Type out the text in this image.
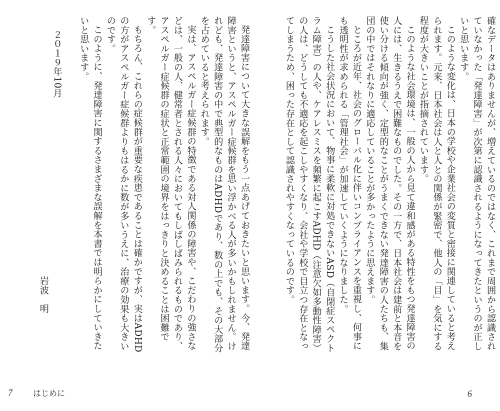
確なデータはありませんが、増えているのではなく、これまで周囲から認識されていなかった「発達障害」が次第に認識されるようになってきたというのが正しいと思います。

このような変化は、日本の学校や企業社会の変質と密接に関連していると考えられます。元来、日本社会は人と人との関係が緊密で、他人の「目」を気にする程度が大きいことが指摘されています。

このような社会環境は、一般の人から見て違和感がある特性をもつ発達障害の人には、生きるうえで困難なものでした。その一方で、日本社会は建前と本音を使い分ける傾向が強く、定型的なことがうまくできない発達障害の人たちも、集団の中ではそれなりに適応していることが多かったように思えます。

ところが近年、社会のグローバル化に伴いコンプライアンスを重視し、何事にも透明性が求められる「管理社会」が加速していくようになりました。

こうした社会状況において、物事に柔軟に対処できないASD（自閉症スペクトラム障害）の人や、ケアレスミスを頻繁に起こすADHD（注意欠如多動性障害）の人は、どうしても不適応を起こしやすくなり、会社や学校で目立つ存在となってしまうため、困った存在として認識されやすくなっているのです。

発達障害について大きな誤解をもう一点あげておきたいと思います。今、発達障害というと、アスペルガー症候群を思い浮かべる人が多いかもしれません。けれども、発達障害の中で典型的なものはADHDであり、数の上でも、その大部分を占めていると考えられます。

実は、アスペルガー症候群の特徴である対人関係の障害や、こだわりの強さなどは、一般の人、健常者とされる人々においてもしばしばみられるものであり、アスペルガー症候群の症状と正常範囲の境界をはっきりと決めることは困難です。

もちろん、これらの症候群が重要な疾患であることは確かですが、実はADHDの方がアスペルガー症候群よりもはるかに数が多いうえに、治療の効果も大きいのです。

このように、発達障害に関するさまざまな誤解を本書では明らかにしていきたいと思います。

２０１９年10月

岩波　明

7	はじめに	6
